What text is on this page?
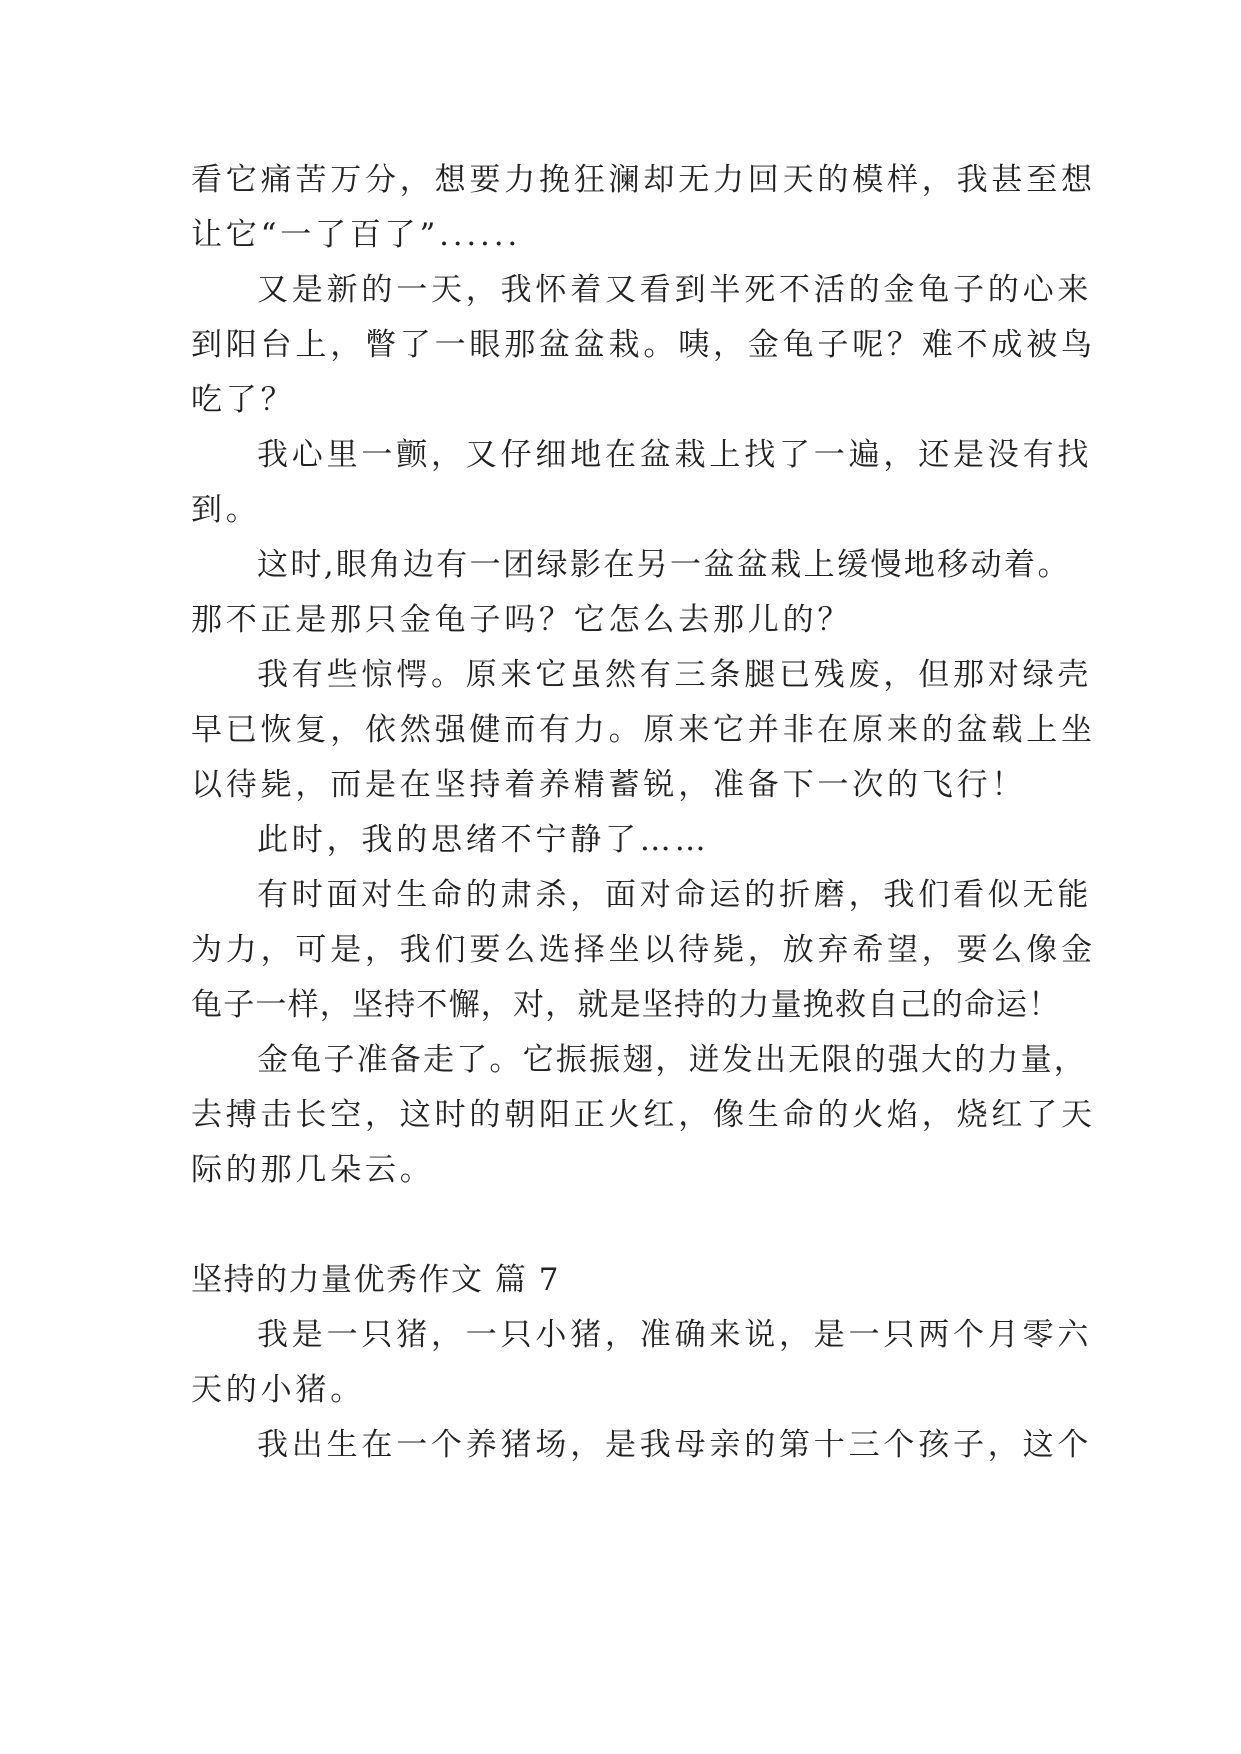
看它痛苦万分，想要力挽狂澜却无力回天的模样，我甚至想
让它“一了百了”......
又是新的一天，我怀着又看到半死不活的金龟子的心来
到阳台上，瞥了一眼那盆盆栽。咦，金龟子呢？难不成被鸟
吃了？
我心里一颤，又仔细地在盆栽上找了一遍，还是没有找
到。
这时,眼角边有一团绿影在另一盆盆栽上缓慢地移动着。
那不正是那只金龟子吗？它怎么去那儿的？
我有些惊愕。原来它虽然有三条腿已残废，但那对绿壳
早已恢复，依然强健而有力。原来它并非在原来的盆载上坐
以待毙，而是在坚持着养精蓄锐，准备下一次的飞行！
此时，我的思绪不宁静了……
有时面对生命的肃杀，面对命运的折磨，我们看似无能
为力，可是，我们要么选择坐以待毙，放弃希望，要么像金
龟子一样，坚持不懈，对，就是坚持的力量挽救自己的命运！
金龟子准备走了。它振振翅，迸发出无限的强大的力量，
去搏击长空，这时的朝阳正火红，像生命的火焰，烧红了天
际的那几朵云。
坚持的力量优秀作文 篇 7
我是一只猪，一只小猪，准确来说，是一只两个月零六
天的小猪。
我出生在一个养猪场，是我母亲的第十三个孩子，这个
